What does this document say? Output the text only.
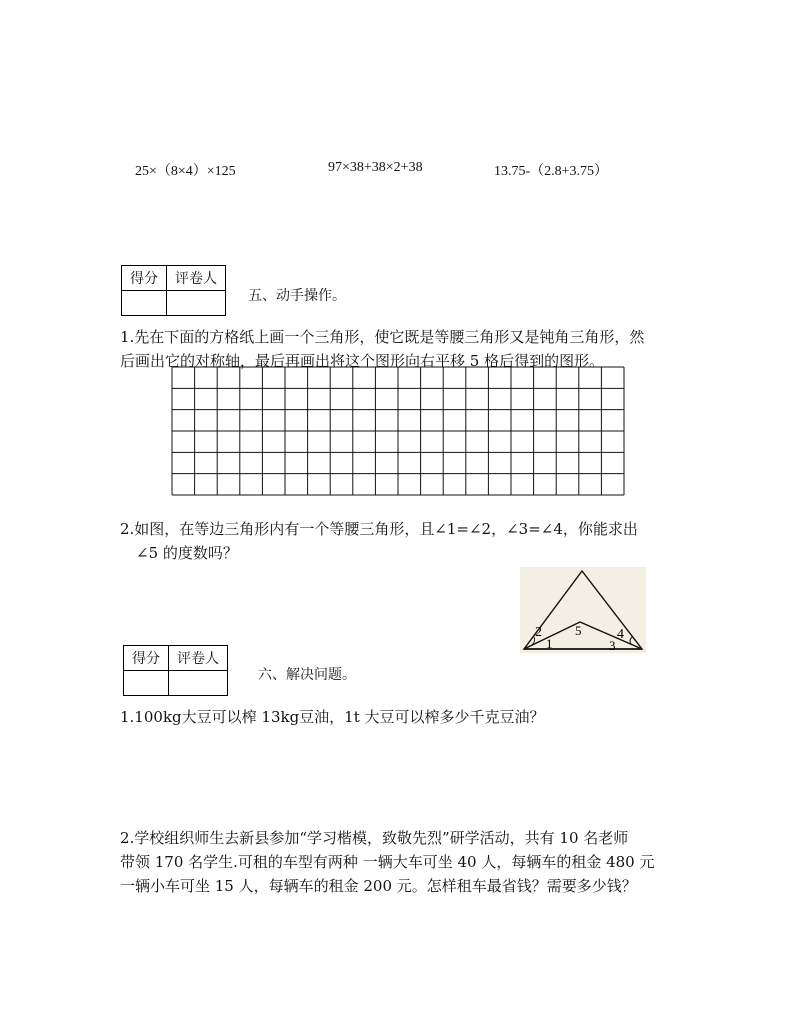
25×（8×4）×125	97×38+38×2+38	13.75-（2.8+3.75）
得分	评卷人

五、动手操作。
1.先在下面的方格纸上画一个三角形，使它既是等腰三角形又是钝角三角形，然
后画出它的对称轴，最后再画出将这个图形向右平移 5 格后得到的图形。
2.如图，在等边三角形内有一个等腰三角形，且∠1=∠2，∠3=∠4，你能求出
∠5 的度数吗？
2
1
5	4
3
得分	评卷人

六、解决问题。
1.100kg大豆可以榨 13kg豆油，1t 大豆可以榨多少千克豆油？
2.学校组织师生去新县参加“学习楷模，致敬先烈”研学活动，共有 10 名老师
带领 170 名学生.可租的车型有两种 一辆大车可坐 40 人，每辆车的租金 480 元
一辆小车可坐 15 人，每辆车的租金 200 元。怎样租车最省钱？需要多少钱？
